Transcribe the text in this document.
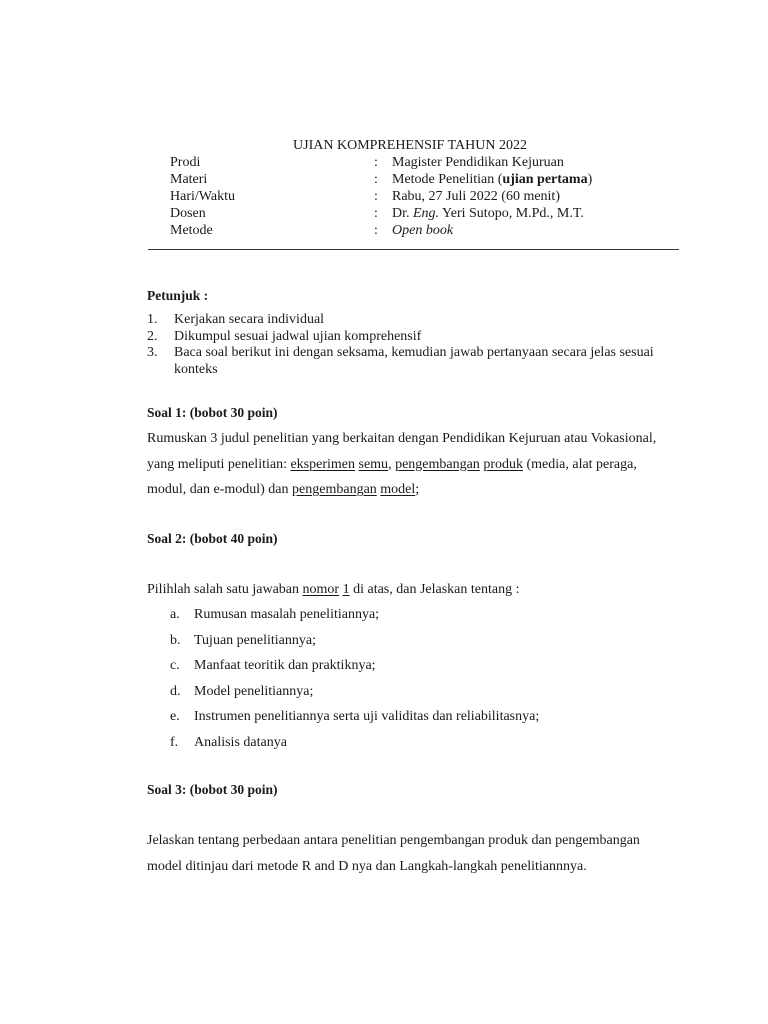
UJIAN KOMPREHENSIF TAHUN 2022
Prodi	: Magister Pendidikan Kejuruan
Materi	: Metode Penelitian (ujian pertama)
Hari/Waktu	: Rabu, 27 Juli 2022 (60 menit)
Dosen	: Dr. Eng. Yeri Sutopo, M.Pd., M.T.
Metode	: Open book
Petunjuk :
1. Kerjakan secara individual
2. Dikumpul sesuai jadwal ujian komprehensif
3. Baca soal berikut ini dengan seksama, kemudian jawab pertanyaan secara jelas sesuai konteks
Soal 1: (bobot 30 poin)
Rumuskan 3 judul penelitian yang berkaitan dengan Pendidikan Kejuruan atau Vokasional, yang meliputi penelitian: eksperimen semu, pengembangan produk (media, alat peraga, modul, dan e-modul) dan pengembangan model;
Soal 2: (bobot 40 poin)
Pilihlah salah satu jawaban nomor 1 di atas, dan Jelaskan tentang :
a. Rumusan masalah penelitiannya;
b. Tujuan penelitiannya;
c. Manfaat teoritik dan praktiknya;
d. Model penelitiannya;
e. Instrumen penelitiannya serta uji validitas dan reliabilitasnya;
f. Analisis datanya
Soal 3: (bobot 30 poin)
Jelaskan tentang perbedaan antara penelitian pengembangan produk dan pengembangan model ditinjau dari metode R and D nya dan Langkah-langkah penelitiannnya.
